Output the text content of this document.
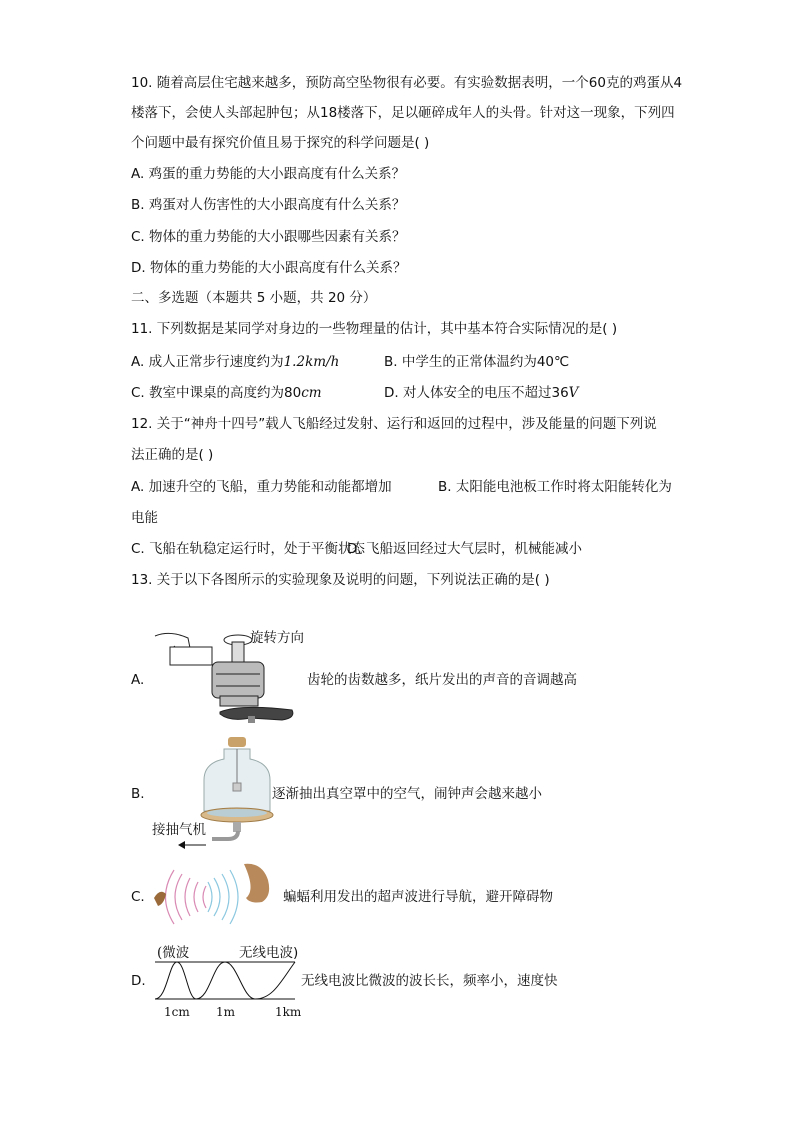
10. 随着高层住宅越来越多，预防高空坠物很有必要。有实验数据表明，一个60克的鸡蛋从4
楼落下，会使人头部起肿包；从18楼落下，足以砸碎成年人的头骨。针对这一现象，下列四
个问题中最有探究价值且易于探究的科学问题是( )
A. 鸡蛋的重力势能的大小跟高度有什么关系？
B. 鸡蛋对人伤害性的大小跟高度有什么关系？
C. 物体的重力势能的大小跟哪些因素有关系？
D. 物体的重力势能的大小跟高度有什么关系？
二、多选题（本题共 5 小题，共 20 分）
11. 下列数据是某同学对身边的一些物理量的估计，其中基本符合实际情况的是( )
A. 成人正常步行速度约为1.2km/h	B. 中学生的正常体温约为40℃
C. 教室中课桌的高度约为80cm	D. 对人体安全的电压不超过36V
12. 关于“神舟十四号”载人飞船经过发射、运行和返回的过程中，涉及能量的问题下列说
法正确的是( )
A. 加速升空的飞船，重力势能和动能都增加	B. 太阳能电池板工作时将太阳能转化为
电能
C. 飞船在轨稳定运行时，处于平衡状态
D. 飞船返回经过大气层时，机械能减小
13. 关于以下各图所示的实验现象及说明的问题，下列说法正确的是( )
A.
旋转方向
齿轮的齿数越多，纸片发出的声音的音调越高
B.
接抽气机
逐渐抽出真空罩中的空气，闹钟声会越来越小
C.	蝙蝠利用发出的超声波进行导航，避开障碍物
D.
(微波	无线电波)
1cm 1m	1km
无线电波比微波的波长长，频率小，速度快
